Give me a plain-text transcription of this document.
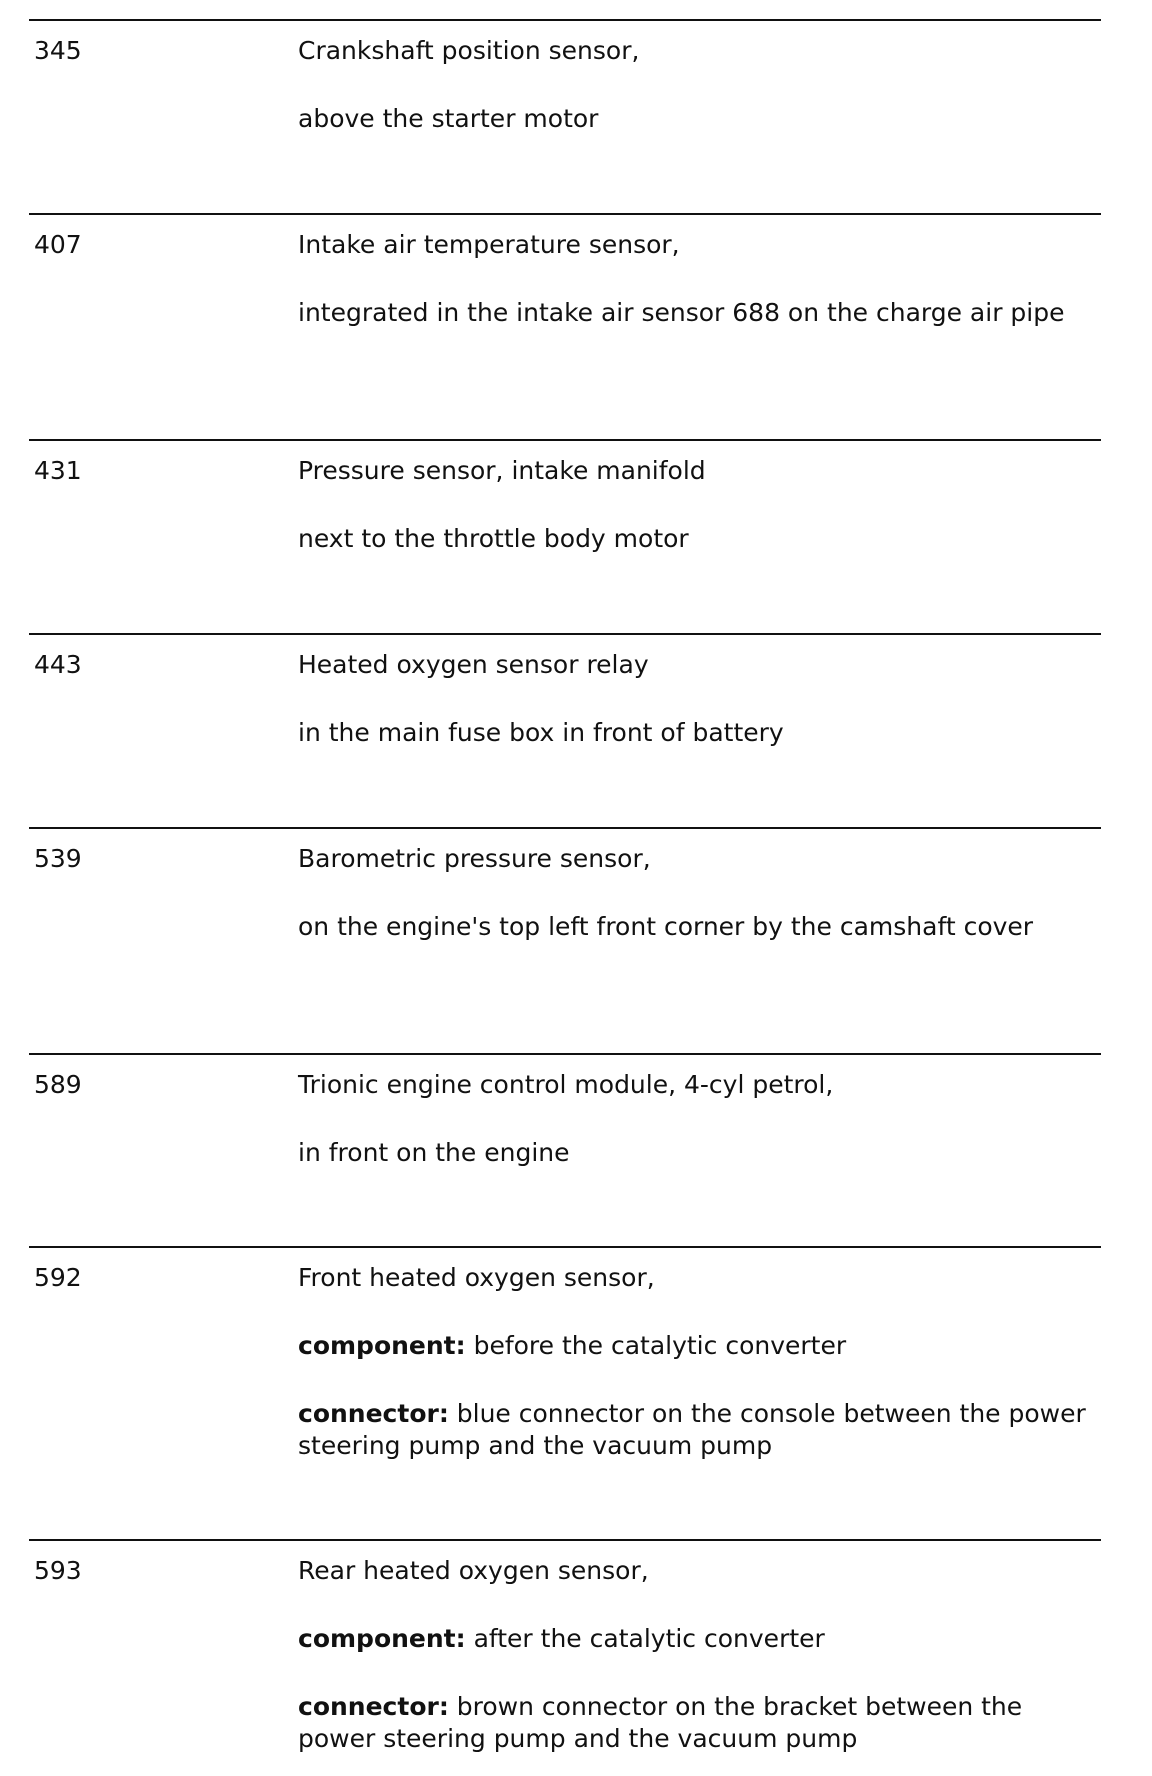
345	Crankshaft position sensor,

above the starter motor

407	Intake air temperature sensor,

integrated in the intake air sensor 688 on the charge air pipe

431	Pressure sensor, intake manifold

next to the throttle body motor

443	Heated oxygen sensor relay

in the main fuse box in front of battery

539	Barometric pressure sensor,

on the engine's top left front corner by the camshaft cover

589	Trionic engine control module, 4-cyl petrol,

in front on the engine

592	Front heated oxygen sensor,

component: before the catalytic converter

connector: blue connector on the console between the power steering pump and the vacuum pump

593	Rear heated oxygen sensor,

component: after the catalytic converter

connector: brown connector on the bracket between the power steering pump and the vacuum pump
